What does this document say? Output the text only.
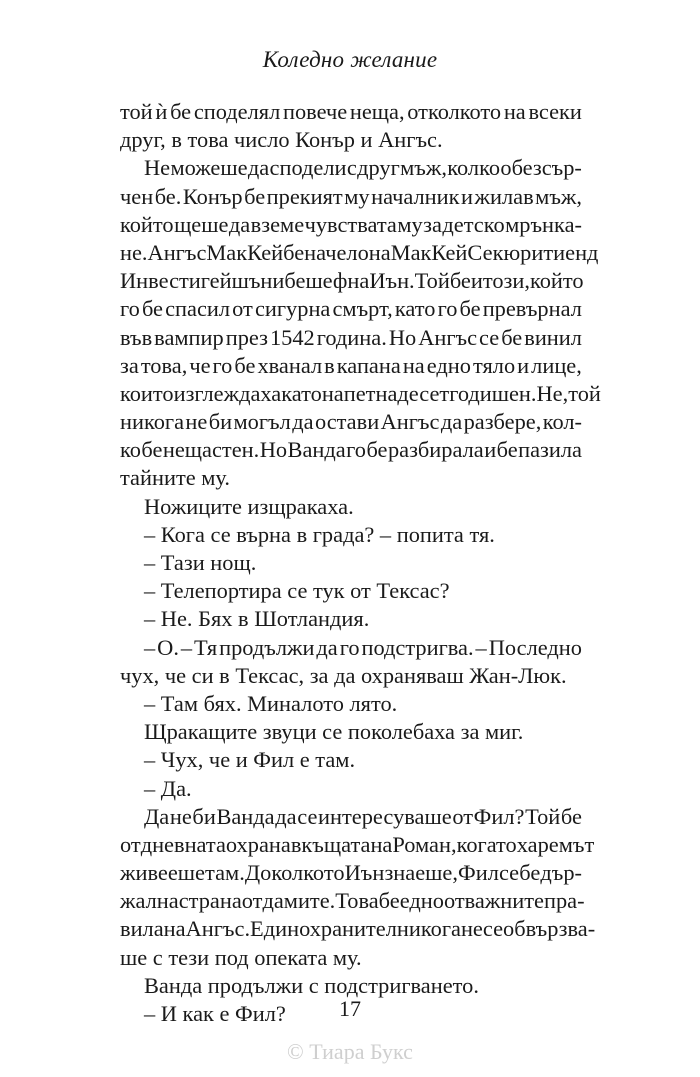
Коледно желание
той ѝ бе споделял повече неща, отколкото на всеки
друг, в това число Конър и Ангъс.
Не можеше да сподели с друг мъж, колко обезсър-
чен бе. Конър бе прекият му началник и жилав мъж,
който щеше да вземе чувствата му за детско мрънка-
не. Ангъс МакКей бе начело на МакКей Секюрити енд
Инвестигейшън и бе шеф на Иън. Той бе и този, който
го бе спасил от сигурна смърт, като го бе превърнал
във вампир през 1542 година. Но Ангъс се бе винил
за това, че го бе хванал в капана на едно тяло и лице,
които изглеждаха като на петнадесетгодишен. Не, той
никога не би могъл да остави Ангъс да разбере, кол-
ко бе нещастен. Но Ванда го бе разбирала и бе пазила
тайните му.
Ножиците изщракаха.
– Кога се върна в града? – попита тя.
– Тази нощ.
– Телепортира се тук от Тексас?
– Не. Бях в Шотландия.
– О. – Тя продължи да го подстригва. – Последно
чух, че си в Тексас, за да охраняваш Жан-Люк.
– Там бях. Миналото лято.
Щракащите звуци се поколебаха за миг.
– Чух, че и Фил е там.
– Да.
Да не би Ванда да се интересуваше от Фил? Той бе
от дневната охрана в къщата на Роман, когато харемът
живееше там. Доколкото Иън знаеше, Фил се бе дър-
жал настрана от дамите. Това бе едно от важните пра-
вила на Ангъс. Един охранител никога не се обвързва-
ше с тези под опеката му.
Ванда продължи с подстригването.
– И как е Фил?	17
© Тиара Букс
